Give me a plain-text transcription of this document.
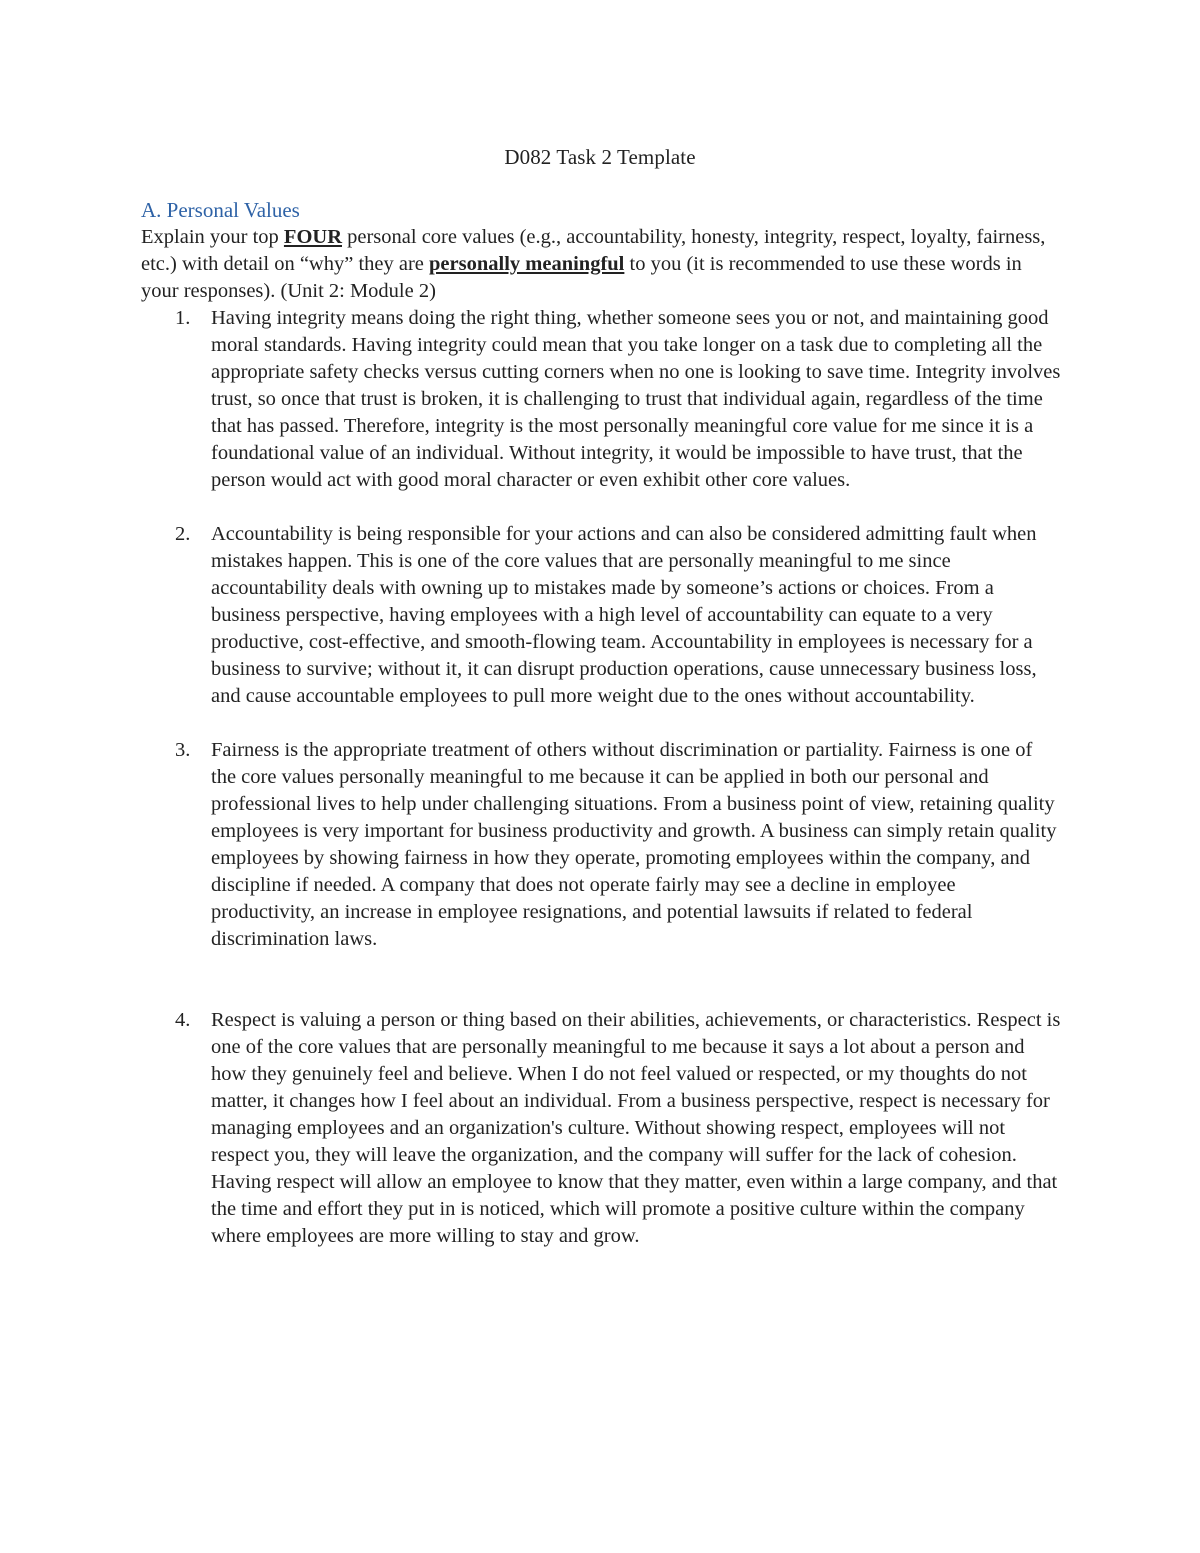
D082 Task 2 Template

A. Personal Values

Explain your top FOUR personal core values (e.g., accountability, honesty, integrity, respect, loyalty, fairness, etc.) with detail on “why” they are personally meaningful to you (it is recommended to use these words in your responses). (Unit 2: Module 2)

1. Having integrity means doing the right thing, whether someone sees you or not, and maintaining good moral standards. Having integrity could mean that you take longer on a task due to completing all the appropriate safety checks versus cutting corners when no one is looking to save time. Integrity involves trust, so once that trust is broken, it is challenging to trust that individual again, regardless of the time that has passed. Therefore, integrity is the most personally meaningful core value for me since it is a foundational value of an individual. Without integrity, it would be impossible to have trust, that the person would act with good moral character or even exhibit other core values.
2. Accountability is being responsible for your actions and can also be considered admitting fault when mistakes happen. This is one of the core values that are personally meaningful to me since accountability deals with owning up to mistakes made by someone’s actions or choices. From a business perspective, having employees with a high level of accountability can equate to a very productive, cost-effective, and smooth-flowing team. Accountability in employees is necessary for a business to survive; without it, it can disrupt production operations, cause unnecessary business loss, and cause accountable employees to pull more weight due to the ones without accountability.
3. Fairness is the appropriate treatment of others without discrimination or partiality. Fairness is one of the core values personally meaningful to me because it can be applied in both our personal and professional lives to help under challenging situations. From a business point of view, retaining quality employees is very important for business productivity and growth. A business can simply retain quality employees by showing fairness in how they operate, promoting employees within the company, and discipline if needed. A company that does not operate fairly may see a decline in employee productivity, an increase in employee resignations, and potential lawsuits if related to federal discrimination laws.
4. Respect is valuing a person or thing based on their abilities, achievements, or characteristics. Respect is one of the core values that are personally meaningful to me because it says a lot about a person and how they genuinely feel and believe. When I do not feel valued or respected, or my thoughts do not matter, it changes how I feel about an individual. From a business perspective, respect is necessary for managing employees and an organization's culture. Without showing respect, employees will not respect you, they will leave the organization, and the company will suffer for the lack of cohesion. Having respect will allow an employee to know that they matter, even within a large company, and that the time and effort they put in is noticed, which will promote a positive culture within the company where employees are more willing to stay and grow.
